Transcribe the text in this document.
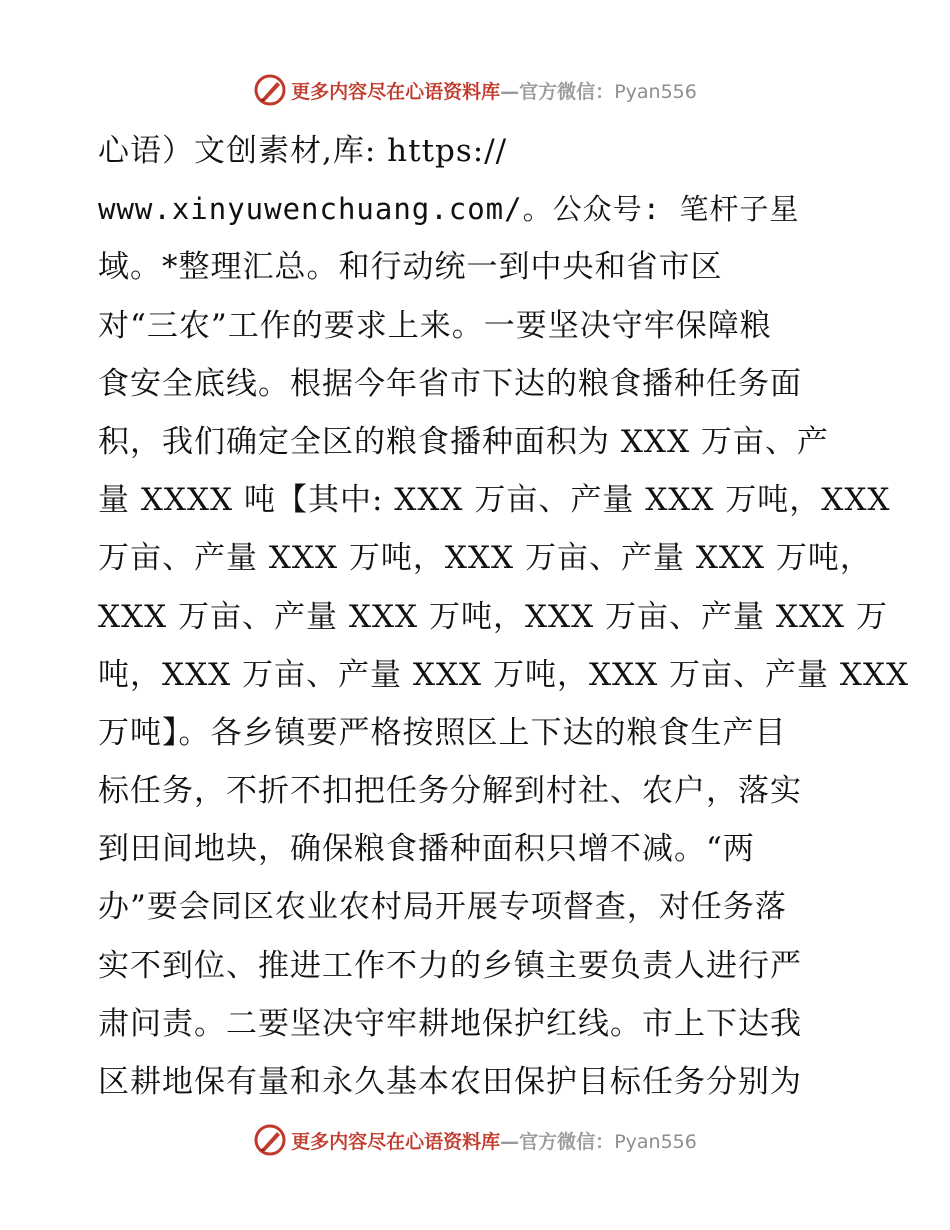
更多内容尽在心语资料库—官方微信：Pyan556
心语）文创素材,库: https://
www.xinyuwenchuang.com/。公众号: 笔杆子星
域。*整理汇总。和行动统一到中央和省市区
对“三农”工作的要求上来。一要坚决守牢保障粮
食安全底线。根据今年省市下达的粮食播种任务面
积，我们确定全区的粮食播种面积为 XXX 万亩、产
量 XXXX 吨【其中: XXX 万亩、产量 XXX 万吨，XXX
万亩、产量 XXX 万吨，XXX 万亩、产量 XXX 万吨，
XXX 万亩、产量 XXX 万吨，XXX 万亩、产量 XXX 万
吨，XXX 万亩、产量 XXX 万吨，XXX 万亩、产量 XXX
万吨】。各乡镇要严格按照区上下达的粮食生产目
标任务，不折不扣把任务分解到村社、农户，落实
到田间地块，确保粮食播种面积只增不减。“两
办”要会同区农业农村局开展专项督查，对任务落
实不到位、推进工作不力的乡镇主要负责人进行严
肃问责。二要坚决守牢耕地保护红线。市上下达我
区耕地保有量和永久基本农田保护目标任务分别为
更多内容尽在心语资料库—官方微信：Pyan556
